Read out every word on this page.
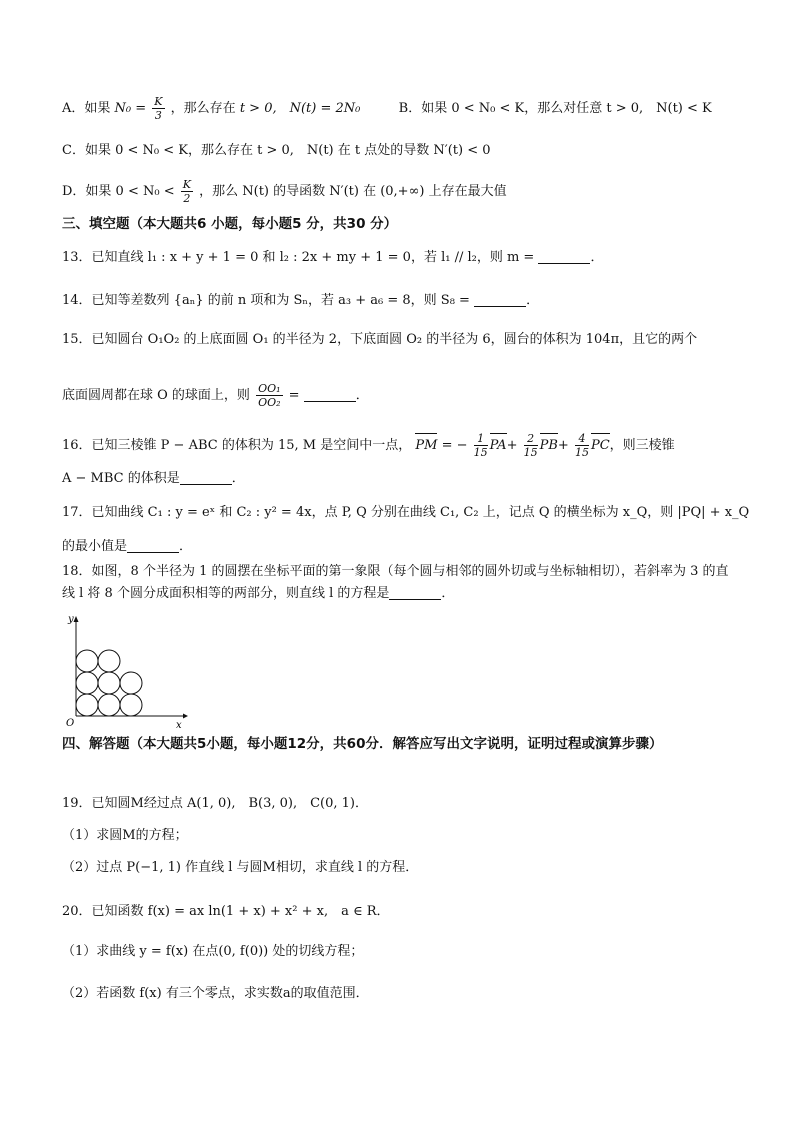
A．如果 $N_0 = \frac{K}{3}$ ，那么存在 t > 0,　N(t) = 2N₀	B．如果 0 < N₀ < K，那么对任意 t > 0,　N(t) < K
C．如果 0 < N₀ < K，那么存在 t > 0,　N(t) 在 t 点处的导数 N′(t) < 0
D．如果 $0 < N_0 < \frac{K}{2}$ ，那么 N(t) 的导函数 N′(t) 在 (0,+∞) 上存在最大值
三、填空题（本大题共6 小题，每小题5 分，共30 分）
13．已知直线 l₁ : x + y + 1 = 0 和 l₂ : 2x + my + 1 = 0，若 l₁ // l₂，则 m =	．
14．已知等差数列 {aₙ} 的前 n 项和为 Sₙ，若 a₃ + a₆ = 8，则 S₈ =	．
15．已知圆台 O₁O₂ 的上底面圆 O₁ 的半径为 2，下底面圆 O₂ 的半径为 6，圆台的体积为 104π，且它的两个
底面圆周都在球 O 的球面上，则 $\frac{\text{OO₁}}{\text{OO₂}}$ =	．
16．已知三棱锥 P − ABC 的体积为 15, M 是空间中一点， PM = − $\frac{1}{15} PA+ \frac{2}{15} PB+ \frac{4}{15}$ PC，则三棱锥
A − MBC 的体积是	．
17．已知曲线 C₁ : y = eˣ 和 C₂ : y² = 4x，点 P, Q 分别在曲线 C₁, C₂ 上，记点 Q 的横坐标为 x_Q，则 |PQ| + x_Q
的最小值是	．
18．如图，8 个半径为 1 的圆摆在坐标平面的第一象限（每个圆与相邻的圆外切或与坐标轴相切），若斜率为 3 的直线 l 将 8 个圆分成面积相等的两部分，则直线 l 的方程是	．
y
x
O
四、解答题（本大题共5小题，每小题12分，共60分．解答应写出文字说明，证明过程或演算步骤）
19．已知圆M经过点 A(1, 0),　B(3, 0),　C(0, 1)．
（1）求圆M的方程；
（2）过点 P(−1, 1) 作直线 l 与圆M相切，求直线 l 的方程．
20．已知函数 f(x) = ax ln(1 + x) + x² + x,　a ∈ R．
（1）求曲线 y = f(x) 在点(0, f(0)) 处的切线方程；
（2）若函数 f(x) 有三个零点，求实数a的取值范围．
